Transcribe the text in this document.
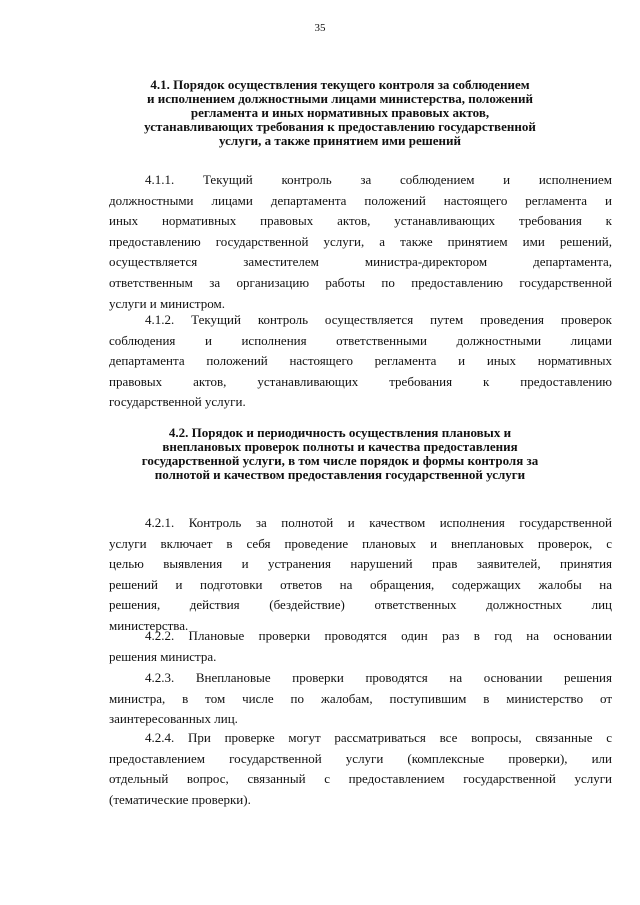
35
4.1. Порядок осуществления текущего контроля за соблюдением
и исполнением должностными лицами министерства, положений
регламента и иных нормативных правовых актов,
устанавливающих требования к предоставлению государственной
услуги, а также принятием ими решений
4.1.1. Текущий контроль за соблюдением и исполнением
должностными лицами департамента положений настоящего регламента и
иных нормативных правовых актов, устанавливающих требования к
предоставлению государственной услуги, а также принятием ими решений,
осуществляется заместителем министра-директором департамента,
ответственным за организацию работы по предоставлению государственной
услуги и министром.
4.1.2. Текущий контроль осуществляется путем проведения проверок
соблюдения и исполнения ответственными должностными лицами
департамента положений настоящего регламента и иных нормативных
правовых актов, устанавливающих требования к предоставлению
государственной услуги.
4.2. Порядок и периодичность осуществления плановых и
внеплановых проверок полноты и качества предоставления
государственной услуги, в том числе порядок и формы контроля за
полнотой и качеством предоставления государственной услуги
4.2.1. Контроль за полнотой и качеством исполнения государственной
услуги включает в себя проведение плановых и внеплановых проверок, с
целью выявления и устранения нарушений прав заявителей, принятия
решений и подготовки ответов на обращения, содержащих жалобы на
решения, действия (бездействие) ответственных должностных лиц
министерства.
4.2.2. Плановые проверки проводятся один раз в год на основании
решения министра.
4.2.3. Внеплановые проверки проводятся на основании решения
министра, в том числе по жалобам, поступившим в министерство от
заинтересованных лиц.
4.2.4. При проверке могут рассматриваться все вопросы, связанные с
предоставлением государственной услуги (комплексные проверки), или
отдельный вопрос, связанный с предоставлением государственной услуги
(тематические проверки).
